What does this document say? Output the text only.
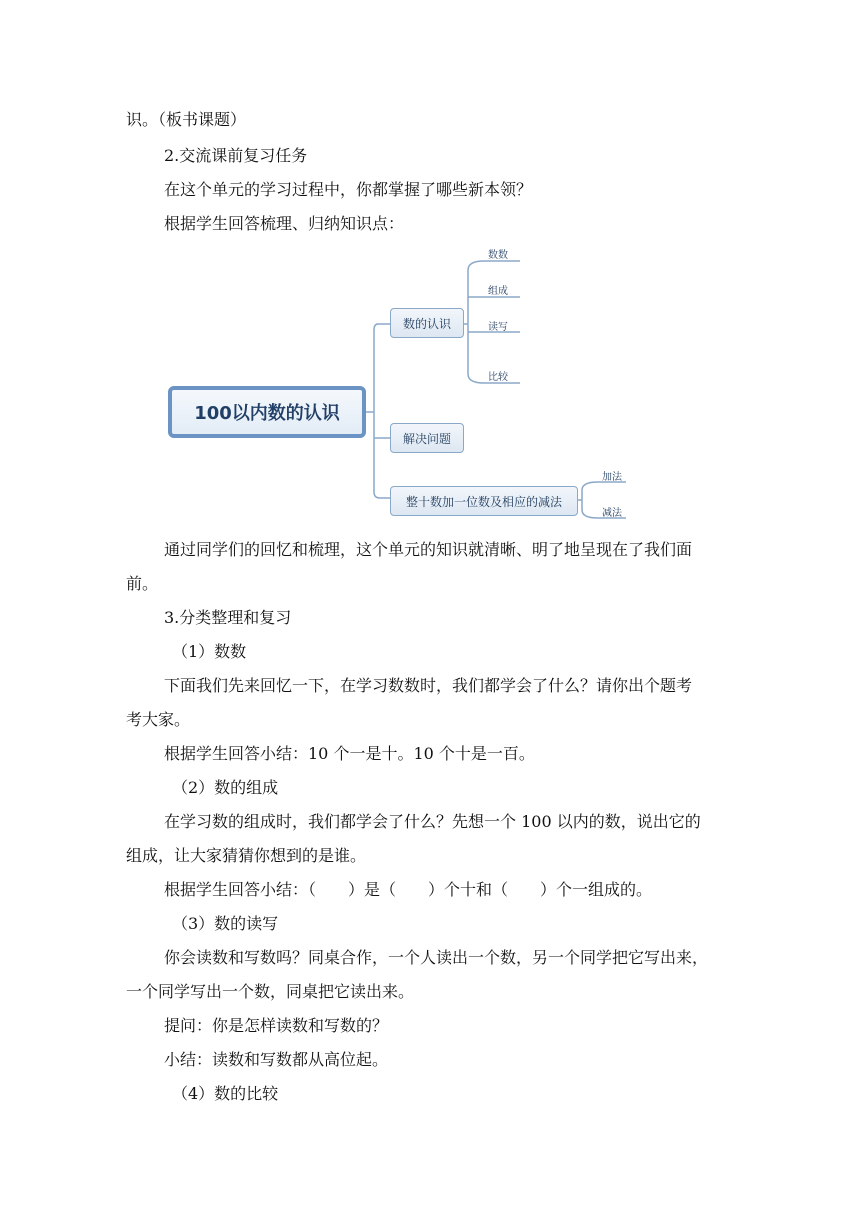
识。（板书课题）
2.交流课前复习任务
在这个单元的学习过程中，你都掌握了哪些新本领？
根据学生回答梳理、归纳知识点：
100以内数的认识
数的认识
解决问题
整十数加一位数及相应的减法
数数
组成
读写
比较
加法
减法
通过同学们的回忆和梳理，这个单元的知识就清晰、明了地呈现在了我们面
前。
3.分类整理和复习
（1）数数
下面我们先来回忆一下，在学习数数时，我们都学会了什么？请你出个题考
考大家。
根据学生回答小结：10 个一是十。10 个十是一百。
（2）数的组成
在学习数的组成时，我们都学会了什么？先想一个 100 以内的数，说出它的
组成，让大家猜猜你想到的是谁。
根据学生回答小结：（　　）是（　　）个十和（　　）个一组成的。
（3）数的读写
你会读数和写数吗？同桌合作，一个人读出一个数，另一个同学把它写出来，
一个同学写出一个数，同桌把它读出来。
提问：你是怎样读数和写数的？
小结：读数和写数都从高位起。
（4）数的比较
